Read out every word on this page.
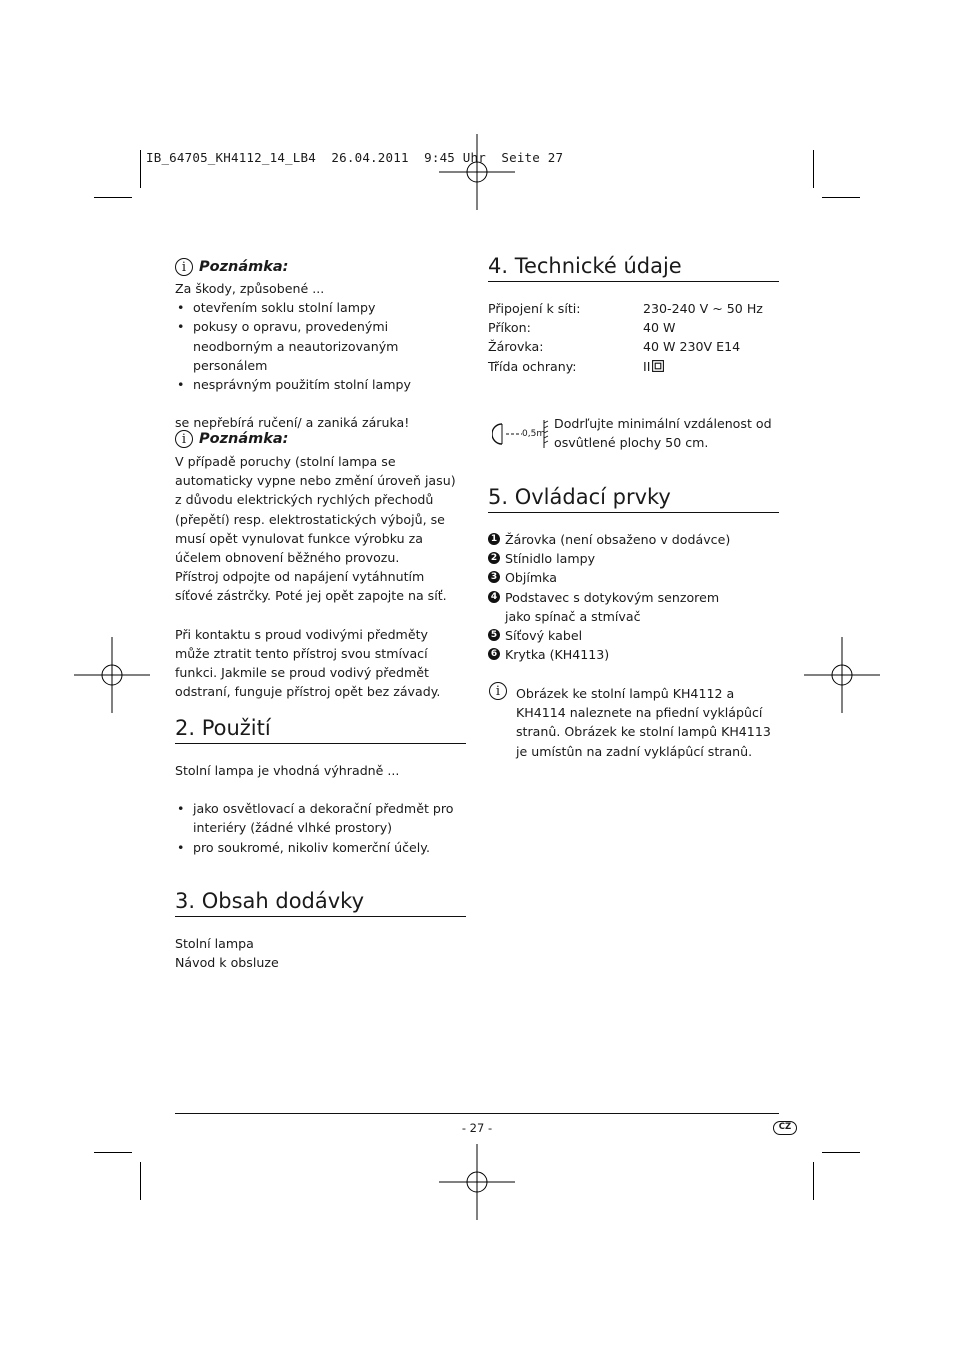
IB_64705_KH4112_14_LB4  26.04.2011  9:45 Uhr  Seite 27
i Poznámka:

Za škody, způsobené ...

• otevřením soklu stolní lampy
• pokusy o opravu, provedenými neodborným a neautorizovaným personálem
• nesprávným použitím stolní lampy

se nepřebírá ručení/ a zaniká záruka!

i Poznámka:

V případě poruchy (stolní lampa se automaticky vypne nebo změní úroveň jasu) z důvodu elektrických rychlých přechodů (přepětí) resp. elektrostatických výbojů, se musí opět vynulovat funkce výrobku za účelem obnovení běžného provozu.

Přístroj odpojte od napájení vytáhnutím síťové zástrčky. Poté jej opět zapojte na síť.

Při kontaktu s proud vodivými předměty může ztratit tento přístroj svou stmívací funkci. Jakmile se proud vodivý předmět odstraní, funguje přístroj opět bez závady.

2. Použití

Stolní lampa je vhodná výhradně ...

• jako osvětlovací a dekorační předmět pro interiéry (žádné vlhké prostory)
• pro soukromé, nikoliv komerční účely.
3. Obsah dodávky

Stolní lampa

Návod k obsluze

4. Technické údaje
Připojení k síti:	230-240 V ~ 50 Hz
Příkon:	40 W
Žárovka:	40 W 230V E14
Třída ochrany:	II
0,5m
Dodrľujte minimální vzdálenost od osvûtlené plochy 50 cm.
5. Ovládací prvky
1 Žárovka (není obsaženo v dodávce)
2 Stínidlo lampy
3 Objímka
4 Podstavec s dotykovým senzorem jako spínač a stmívač
5 Síťový kabel
6 Krytka (KH4113)
i	Obrázek ke stolní lampû KH4112 a KH4114 naleznete na pfiední vyklápûcí stranû. Obrázek ke stolní lampû KH4113 je umístûn na zadní vyklápûcí stranû.
- 27 -	CZ
